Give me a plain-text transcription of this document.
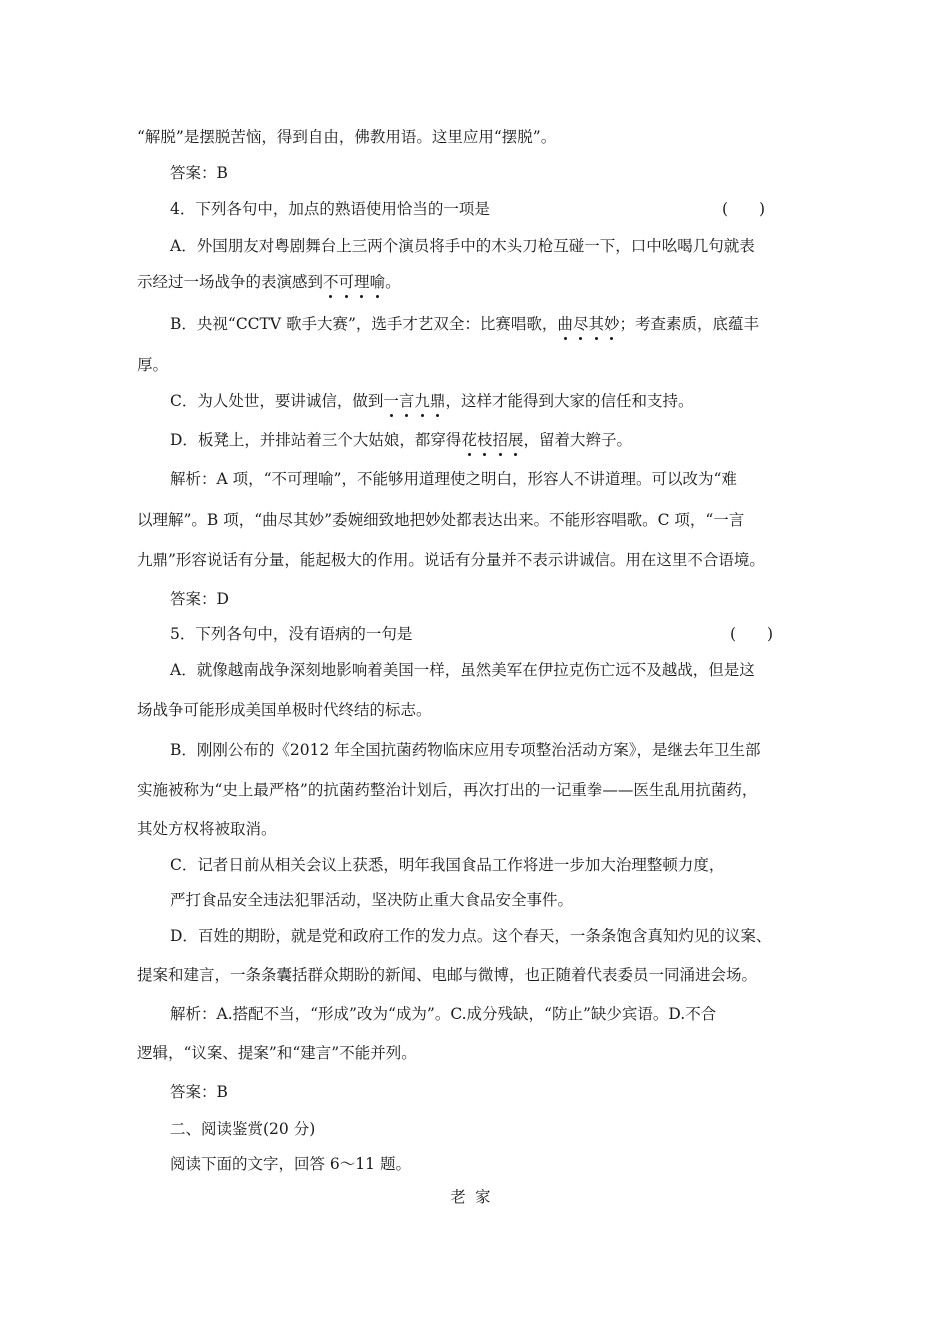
“解脱”是摆脱苦恼，得到自由，佛教用语。这里应用“摆脱”。
答案：B
4．下列各句中，加点的熟语使用恰当的一项是	(　　)
A．外国朋友对粤剧舞台上三两个演员将手中的木头刀枪互碰一下，口中吆喝几句就表
示经过一场战争的表演感到不可理喻。
B．央视“CCTV 歌手大赛”，选手才艺双全：比赛唱歌，曲尽其妙；考查素质，底蕴丰
厚。
C．为人处世，要讲诚信，做到一言九鼎，这样才能得到大家的信任和支持。
D．板凳上，并排站着三个大姑娘，都穿得花枝招展，留着大辫子。
解析：A 项，“不可理喻”，不能够用道理使之明白，形容人不讲道理。可以改为“难
以理解”。B 项，“曲尽其妙”委婉细致地把妙处都表达出来。不能形容唱歌。C 项，“一言
九鼎”形容说话有分量，能起极大的作用。说话有分量并不表示讲诚信。用在这里不合语境。
答案：D
5．下列各句中，没有语病的一句是	(　　)
A．就像越南战争深刻地影响着美国一样，虽然美军在伊拉克伤亡远不及越战，但是这
场战争可能形成美国单极时代终结的标志。
B．刚刚公布的《2012 年全国抗菌药物临床应用专项整治活动方案》，是继去年卫生部
实施被称为“史上最严格”的抗菌药整治计划后，再次打出的一记重拳——医生乱用抗菌药，
其处方权将被取消。
C．记者日前从相关会议上获悉，明年我国食品工作将进一步加大治理整顿力度，
严打食品安全违法犯罪活动，坚决防止重大食品安全事件。
D．百姓的期盼，就是党和政府工作的发力点。这个春天，一条条饱含真知灼见的议案、
提案和建言，一条条囊括群众期盼的新闻、电邮与微博，也正随着代表委员一同涌进会场。
解析：A.搭配不当，“形成”改为“成为”。C.成分残缺，“防止”缺少宾语。D.不合
逻辑，“议案、提案”和“建言”不能并列。
答案：B
二、阅读鉴赏(20 分)
阅读下面的文字，回答 6～11 题。
老家
